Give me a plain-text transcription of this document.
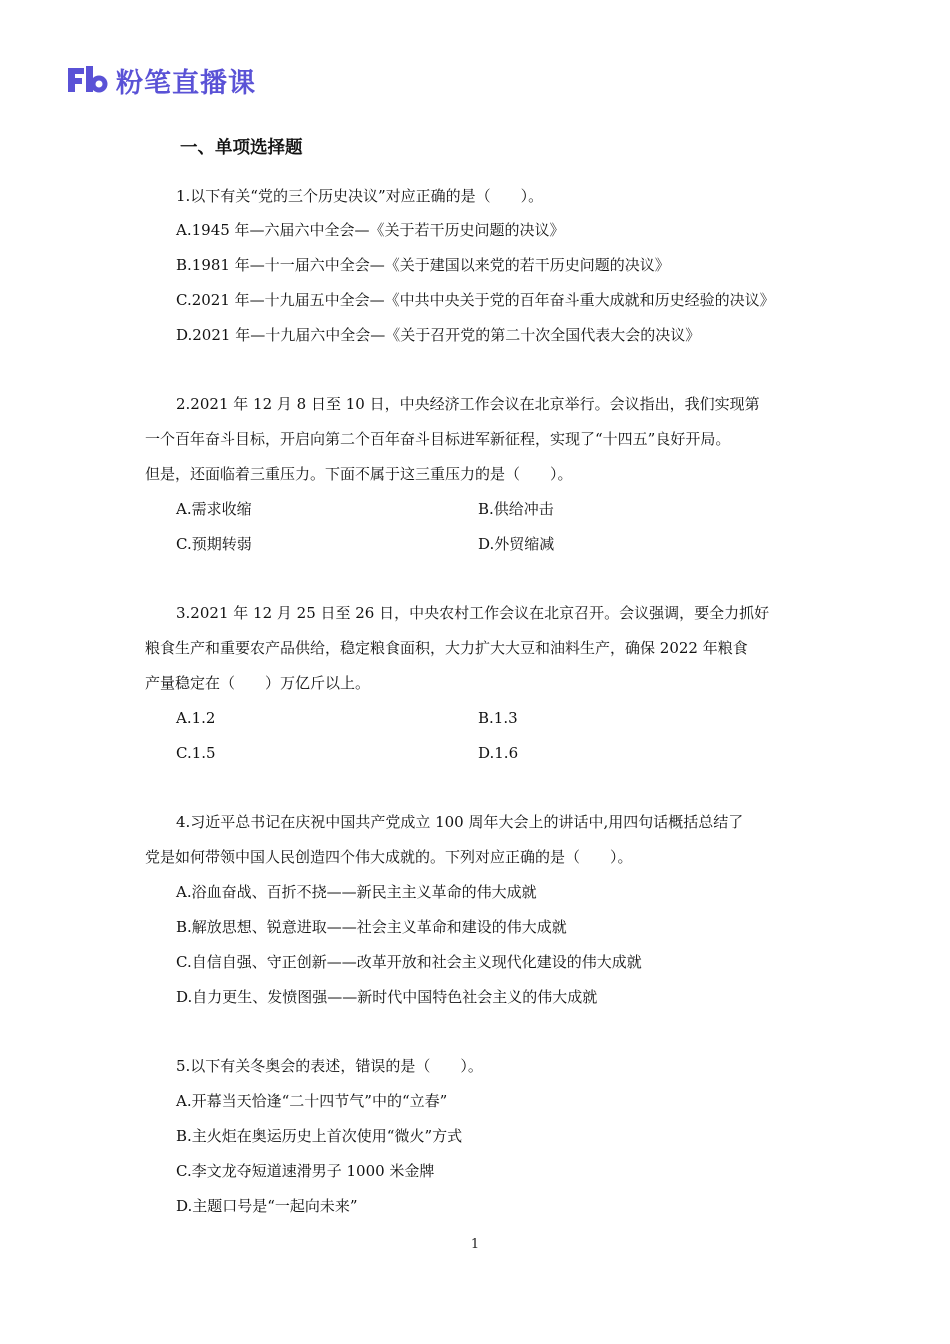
粉笔直播课
一、单项选择题
1.以下有关“党的三个历史决议”对应正确的是（　　）。
A.1945 年—六届六中全会—《关于若干历史问题的决议》
B.1981 年—十一届六中全会—《关于建国以来党的若干历史问题的决议》
C.2021 年—十九届五中全会—《中共中央关于党的百年奋斗重大成就和历史经验的决议》
D.2021 年—十九届六中全会—《关于召开党的第二十次全国代表大会的决议》
2.2021 年 12 月 8 日至 10 日，中央经济工作会议在北京举行。会议指出，我们实现第
一个百年奋斗目标，开启向第二个百年奋斗目标进军新征程，实现了“十四五”良好开局。
但是，还面临着三重压力。下面不属于这三重压力的是（　　）。
A.需求收缩	B.供给冲击
C.预期转弱	D.外贸缩减
3.2021 年 12 月 25 日至 26 日，中央农村工作会议在北京召开。会议强调，要全力抓好
粮食生产和重要农产品供给，稳定粮食面积，大力扩大大豆和油料生产，确保 2022 年粮食
产量稳定在（　　）万亿斤以上。
A.1.2	B.1.3
C.1.5	D.1.6
4.习近平总书记在庆祝中国共产党成立 100 周年大会上的讲话中,用四句话概括总结了
党是如何带领中国人民创造四个伟大成就的。下列对应正确的是（　　）。
A.浴血奋战、百折不挠——新民主主义革命的伟大成就
B.解放思想、锐意进取——社会主义革命和建设的伟大成就
C.自信自强、守正创新——改革开放和社会主义现代化建设的伟大成就
D.自力更生、发愤图强——新时代中国特色社会主义的伟大成就
5.以下有关冬奥会的表述，错误的是（　　）。
A.开幕当天恰逢“二十四节气”中的“立春”
B.主火炬在奥运历史上首次使用“微火”方式
C.李文龙夺短道速滑男子 1000 米金牌
D.主题口号是“一起向未来”
1
